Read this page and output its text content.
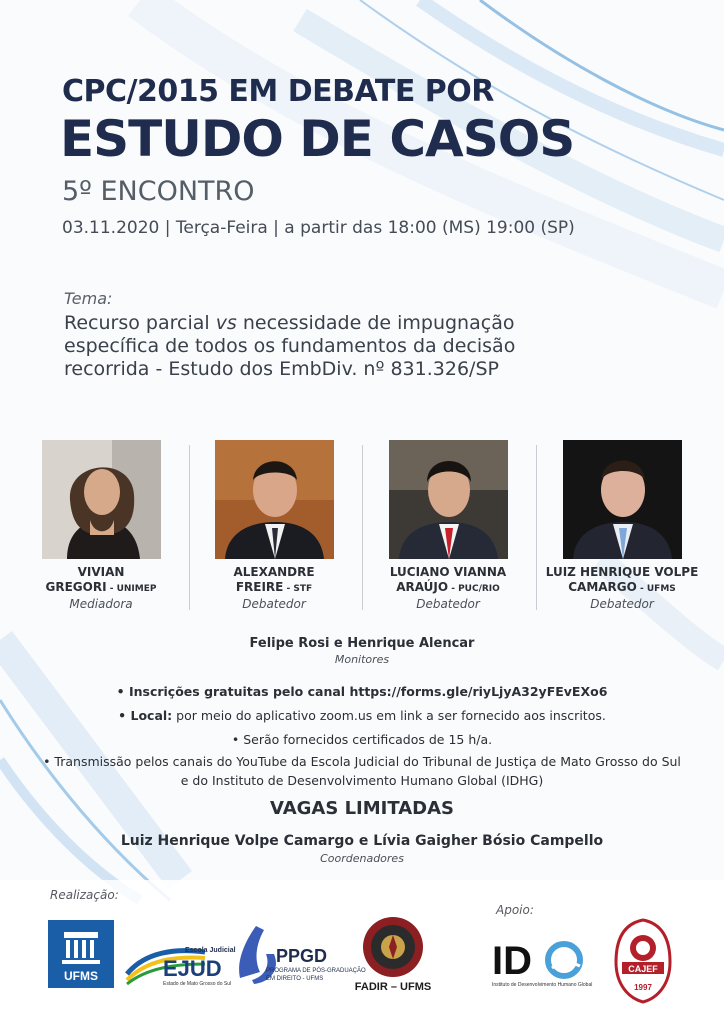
CPC/2015 EM DEBATE POR
ESTUDO DE CASOS
5º ENCONTRO
03.11.2020 | Terça-Feira | a partir das 18:00 (MS) 19:00 (SP)
Tema:
Recurso parcial vs necessidade de impugnação
específica de todos os fundamentos da decisão
recorrida - Estudo dos EmbDiv. nº 831.326/SP
VIVIAN
GREGORI - UNIMEP
Mediadora
ALEXANDRE
FREIRE - STF
Debatedor
LUCIANO VIANNA
ARAÚJO - PUC/RIO
Debatedor
LUIZ HENRIQUE VOLPE
CAMARGO - UFMS
Debatedor
Felipe Rosi e Henrique Alencar
Monitores
• Inscrições gratuitas pelo canal https://forms.gle/riyLjyA32yFEvEXo6
• Local: por meio do aplicativo zoom.us em link a ser fornecido aos inscritos.
• Serão fornecidos certificados de 15 h/a.
• Transmissão pelos canais do YouTube da Escola Judicial do Tribunal de Justiça de Mato Grosso do Sul
e do Instituto de Desenvolvimento Humano Global (IDHG)
VAGAS LIMITADAS
Luiz Henrique Volpe Camargo e Lívia Gaigher Bósio Campello
Coordenadores
Realização:
Apoio:
UFMS
Escola Judicial
EJUD
Estado de Mato Grosso do Sul
PPGD
PROGRAMA DE PÓS-GRADUAÇÃO
EM DIREITO - UFMS
FADIR – UFMS
ID
Instituto de Desenvolvimento Humano Global
CAJEF
1997
